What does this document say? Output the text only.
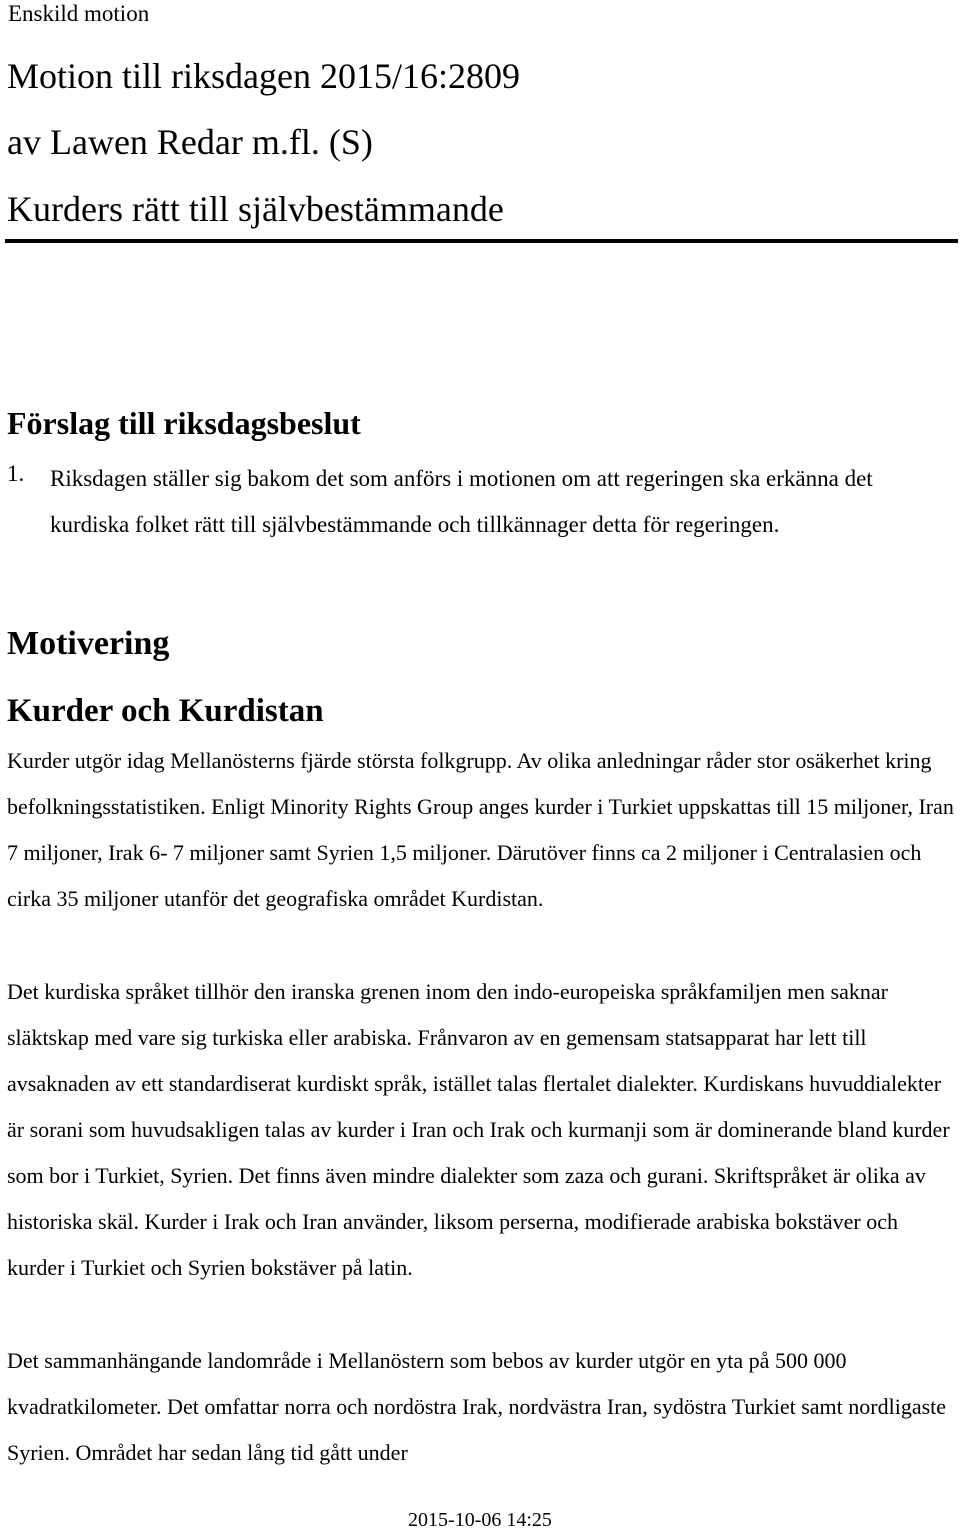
Enskild motion
Motion till riksdagen 2015/16:2809
av Lawen Redar m.fl. (S)
Kurders rätt till självbestämmande
Förslag till riksdagsbeslut
1. Riksdagen ställer sig bakom det som anförs i motionen om att regeringen ska erkänna det kurdiska folket rätt till självbestämmande och tillkännager detta för regeringen.

Motivering
Kurder och Kurdistan

Kurder utgör idag Mellanösterns fjärde största folkgrupp. Av olika anledningar råder stor osäkerhet kring befolkningsstatistiken. Enligt Minority Rights Group anges kurder i Turkiet uppskattas till 15 miljoner, Iran 7 miljoner, Irak 6- 7 miljoner samt Syrien 1,5 miljoner. Därutöver finns ca 2 miljoner i Centralasien och cirka 35 miljoner utanför det geografiska området Kurdistan.

Det kurdiska språket tillhör den iranska grenen inom den indo-europeiska språkfamiljen men saknar släktskap med vare sig turkiska eller arabiska. Frånvaron av en gemensam statsapparat har lett till avsaknaden av ett standardiserat kurdiskt språk, istället talas flertalet dialekter. Kurdiskans huvuddialekter är sorani som huvudsakligen talas av kurder i Iran och Irak och kurmanji som är dominerande bland kurder som bor i Turkiet, Syrien. Det finns även mindre dialekter som zaza och gurani. Skriftspråket är olika av historiska skäl. Kurder i Irak och Iran använder, liksom perserna, modifierade arabiska bokstäver och kurder i Turkiet och Syrien bokstäver på latin.

Det sammanhängande landområde i Mellanöstern som bebos av kurder utgör en yta på 500 000 kvadratkilometer. Det omfattar norra och nordöstra Irak, nordvästra Iran, sydöstra Turkiet samt nordligaste Syrien. Området har sedan lång tid gått under

2015-10-06 14:25
